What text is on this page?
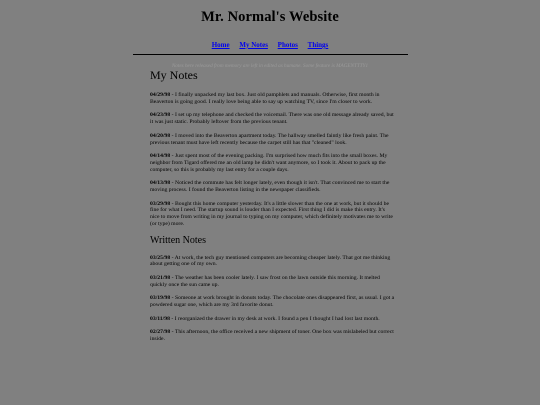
Mr. Normal's Website
Home My Notes Photos Things
Notes here released from memory are left in edited as humane. Some feature is MAGENTTTY1
My Notes

04/29/98 - I finally unpacked my last box. Just old pamphlets and manuals. Otherwise, first month in Beaverton is going good. I really love being able to say up watching TV, since I'm closer to work.

04/23/98 - I set up my telephone and checked the voicemail. There was one old message already saved, but it was just static. Probably leftover from the previous tenant.

04/20/98 - I moved into the Beaverton apartment today. The hallway smelled faintly like fresh paint. The previous tenant must have left recently because the carpet still has that "cleaned" look.

04/14/98 - Just spent most of the evening packing. I'm surprised how much fits into the small boxes. My neighbor from Tigard offered me an old lamp he didn't want anymore, so I took it. About to pack up the computer, so this is probably my last entry for a couple days.

04/13/98 - Noticed the commute has felt longer lately, even though it isn't. That convinced me to start the moving process. I found the Beaverton listing in the newspaper classifieds.

03/29/98 - Bought this home computer yesterday. It's a little slower than the one at work, but it should be fine for what I need. The startup sound is louder than I expected. First thing I did is make this entry. It's nice to move from writing in my journal to typing on my computer, which definitely motivates me to write (or type) more.

Written Notes

03/25/98 - At work, the tech guy mentioned computers are becoming cheaper lately. That got me thinking about getting one of my own.

03/21/98 - The weather has been cooler lately. I saw frost on the lawn outside this morning. It melted quickly once the sun came up.

03/19/98 - Someone at work brought in donuts today. The chocolate ones disappeared first, as usual. I got a powdered sugar one, which are my 3rd favorite donut.

03/11/98 - I reorganized the drawer in my desk at work. I found a pen I thought I had lost last month.

02/27/98 - This afternoon, the office received a new shipment of toner. One box was mislabeled but correct inside.
